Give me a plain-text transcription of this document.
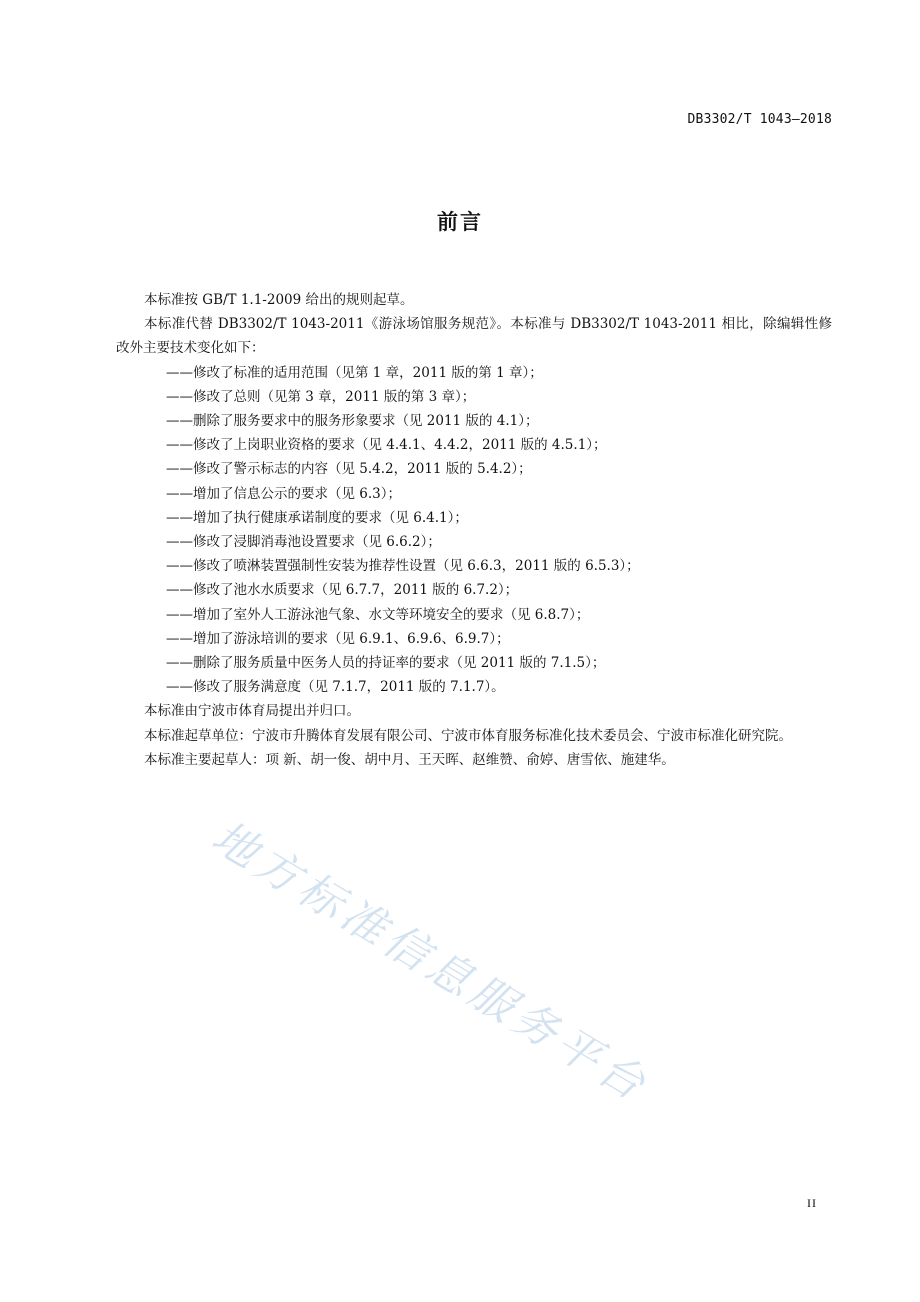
DB3302/T 1043—2018
前言

本标准按 GB/T 1.1-2009 给出的规则起草。

本标准代替 DB3302/T 1043-2011《游泳场馆服务规范》。本标准与 DB3302/T 1043-2011 相比，除编辑性修改外主要技术变化如下：

——修改了标准的适用范围（见第 1 章，2011 版的第 1 章）；
——修改了总则（见第 3 章，2011 版的第 3 章）；
——删除了服务要求中的服务形象要求（见 2011 版的 4.1）；
——修改了上岗职业资格的要求（见 4.4.1、4.4.2，2011 版的 4.5.1）；
——修改了警示标志的内容（见 5.4.2，2011 版的 5.4.2）；
——增加了信息公示的要求（见 6.3）；
——增加了执行健康承诺制度的要求（见 6.4.1）；
——修改了浸脚消毒池设置要求（见 6.6.2）；
——修改了喷淋装置强制性安装为推荐性设置（见 6.6.3，2011 版的 6.5.3）；
——修改了池水水质要求（见 6.7.7，2011 版的 6.7.2）；
——增加了室外人工游泳池气象、水文等环境安全的要求（见 6.8.7）；
——增加了游泳培训的要求（见 6.9.1、6.9.6、6.9.7）；
——删除了服务质量中医务人员的持证率的要求（见 2011 版的 7.1.5）；
——修改了服务满意度（见 7.1.7，2011 版的 7.1.7）。

本标准由宁波市体育局提出并归口。

本标准起草单位：宁波市升腾体育发展有限公司、宁波市体育服务标准化技术委员会、宁波市标准化研究院。

本标准主要起草人：项 新、胡一俊、胡中月、王天晖、赵维赞、俞婷、唐雪依、施建华。

地方标准信息服务平台
II
